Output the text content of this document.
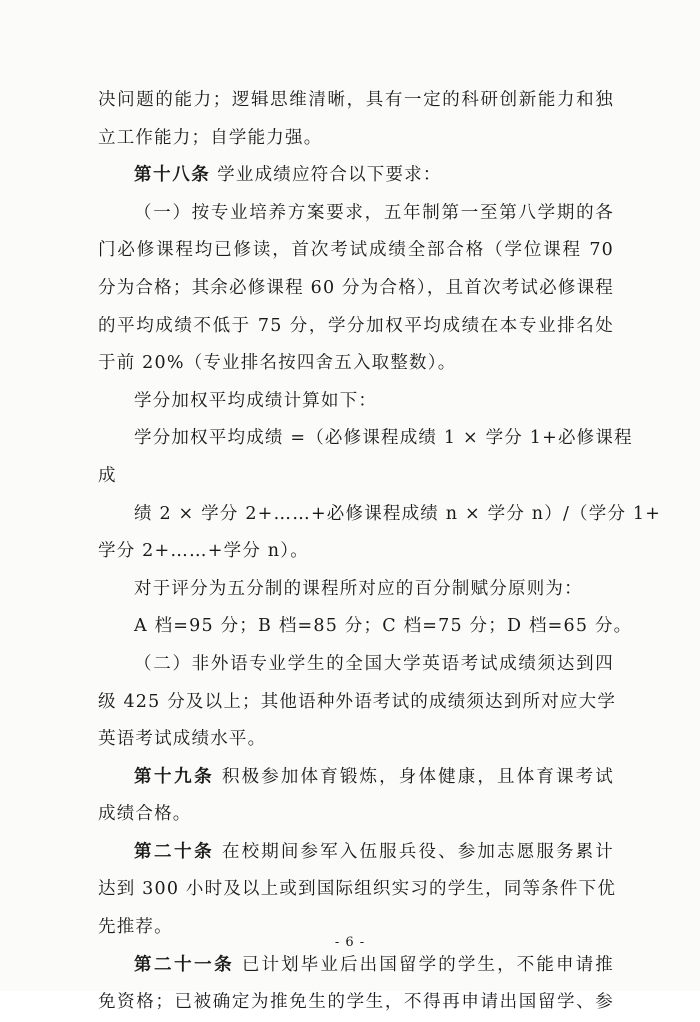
决问题的能力；逻辑思维清晰，具有一定的科研创新能力和独
立工作能力；自学能力强。
第十八条 学业成绩应符合以下要求：
（一）按专业培养方案要求，五年制第一至第八学期的各
门必修课程均已修读，首次考试成绩全部合格（学位课程 70
分为合格；其余必修课程 60 分为合格），且首次考试必修课程
的平均成绩不低于 75 分，学分加权平均成绩在本专业排名处
于前 20%（专业排名按四舍五入取整数）。
学分加权平均成绩计算如下：
学分加权平均成绩 =（必修课程成绩 1 × 学分 1+必修课程
成
绩 2 × 学分 2+……+必修课程成绩 n × 学分 n）/（学分 1+
学分 2+……+学分 n）。
对于评分为五分制的课程所对应的百分制赋分原则为：
A 档=95 分；B 档=85 分；C 档=75 分；D 档=65 分。
（二）非外语专业学生的全国大学英语考试成绩须达到四
级 425 分及以上；其他语种外语考试的成绩须达到所对应大学
英语考试成绩水平。
第十九条 积极参加体育锻炼，身体健康，且体育课考试
成绩合格。
第二十条 在校期间参军入伍服兵役、参加志愿服务累计
达到 300 小时及以上或到国际组织实习的学生，同等条件下优
先推荐。
第二十一条 已计划毕业后出国留学的学生，不能申请推
免资格；已被确定为推免生的学生，不得再申请出国留学、参
- 6 -
